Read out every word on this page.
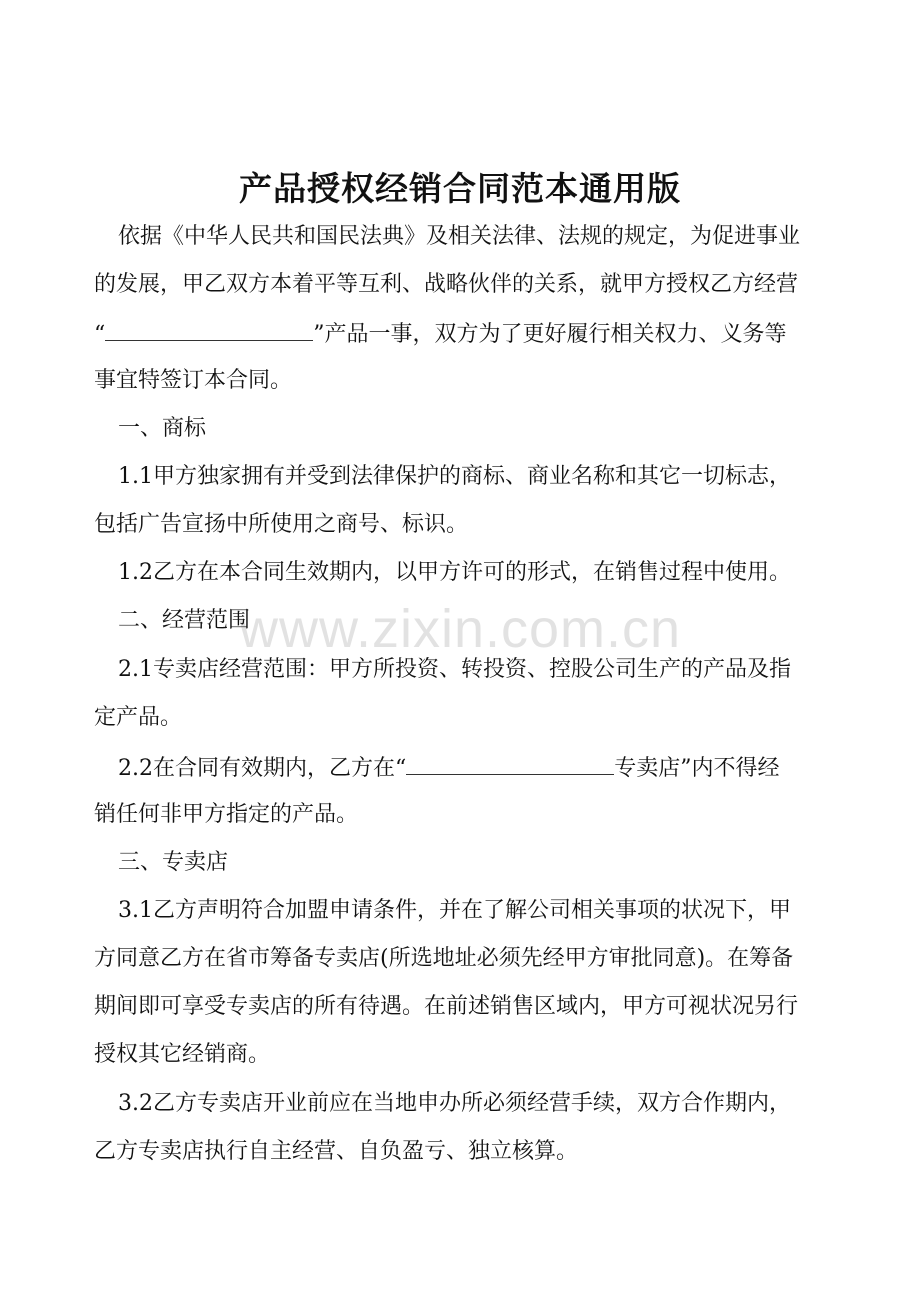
产品授权经销合同范本通用版
www.zixin.com.cn

依据《中华人民共和国民法典》及相关法律、法规的规定，为促进事业

的发展，甲乙双方本着平等互利、战略伙伴的关系，就甲方授权乙方经营

“	”产品一事，双方为了更好履行相关权力、义务等

事宜特签订本合同。

一、商标

1.1甲方独家拥有并受到法律保护的商标、商业名称和其它一切标志，

包括广告宣扬中所使用之商号、标识。

1.2乙方在本合同生效期内，以甲方许可的形式，在销售过程中使用。

二、经营范围

2.1专卖店经营范围：甲方所投资、转投资、控股公司生产的产品及指

定产品。

2.2在合同有效期内，乙方在“	专卖店”内不得经

销任何非甲方指定的产品。

三、专卖店

3.1乙方声明符合加盟申请条件，并在了解公司相关事项的状况下，甲

方同意乙方在省市筹备专卖店(所选地址必须先经甲方审批同意)。在筹备

期间即可享受专卖店的所有待遇。在前述销售区域内，甲方可视状况另行

授权其它经销商。

3.2乙方专卖店开业前应在当地申办所必须经营手续，双方合作期内，

乙方专卖店执行自主经营、自负盈亏、独立核算。
